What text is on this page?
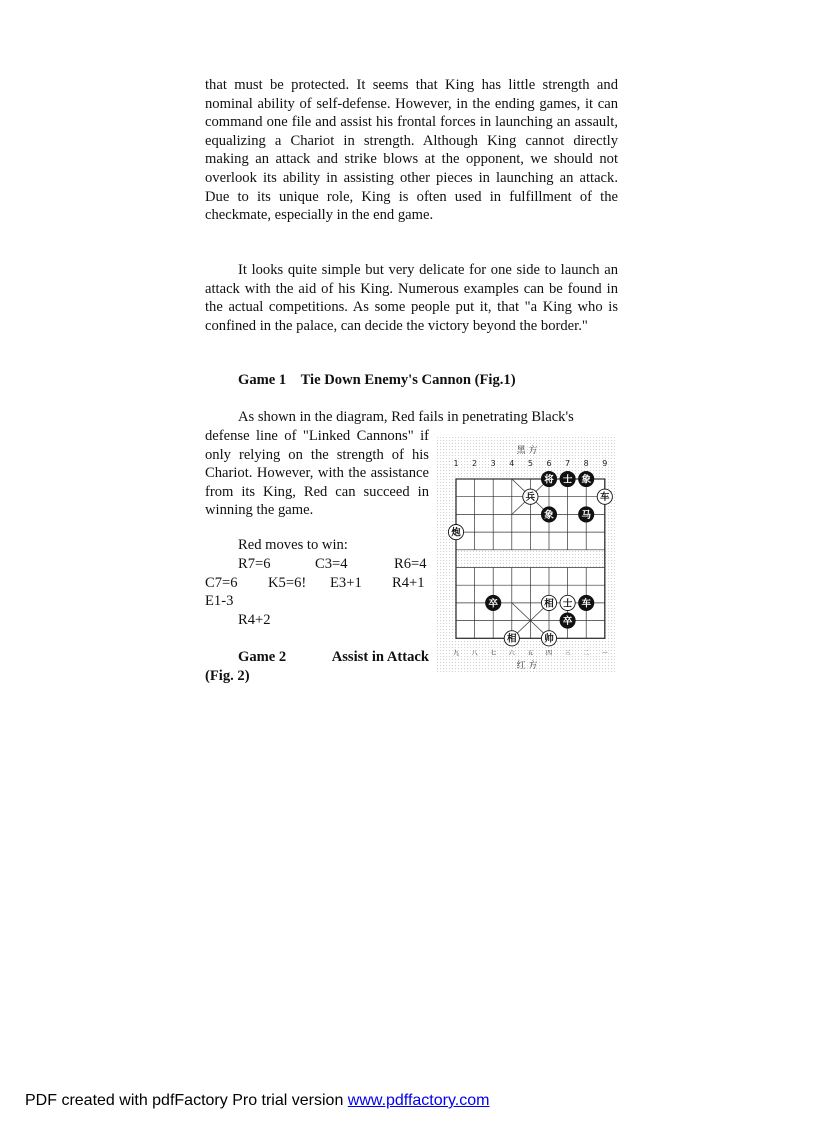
that must be protected. It seems that King has little strength and nominal ability of self-defense. However, in the ending games, it can command one file and assist his frontal forces in launching an assault, equalizing a Chariot in strength. Although King cannot directly making an attack and strike blows at the opponent, we should not overlook its ability in assisting other pieces in launching an attack. Due to its unique role, King is often used in fulfillment of the checkmate, especially in the end game.
It looks quite simple but very delicate for one side to launch an attack with the aid of his King. Numerous examples can be found in the actual competitions. As some people put it, that "a King who is confined in the palace, can decide the victory beyond the border."
Game 1 Tie Down Enemy's Cannon (Fig.1)
As shown in the diagram, Red fails in penetrating Black's
defense line of "Linked Cannons" if only relying on the strength of his Chariot. However, with the assistance from its King, Red can succeed in winning the game.
Red moves to win:
R7=6	C3=4	R6=4
C7=6 K5=6! E3+1 R4+1
E1-3
R4+2
Game 2	Assist in Attack
(Fig. 2)
黑 方
红 方
1 2 3 4 5 6 7 8 9
九 八 七 六 五 四 三 二 一
将 士 象
象	马
卒	车
卒
兵	车
炮
相 士
相	帅
PDF created with pdfFactory Pro trial version www.pdffactory.com
